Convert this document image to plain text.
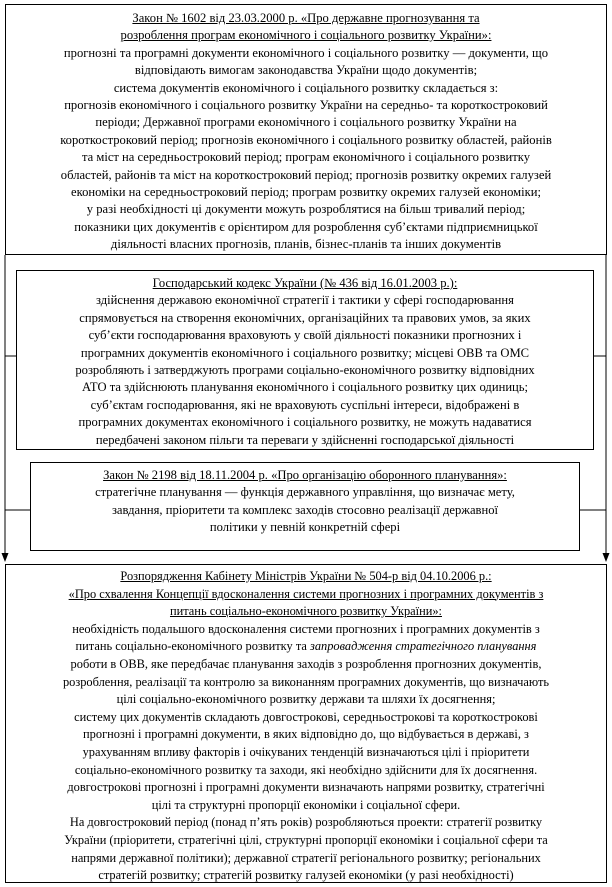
Закон № 1602 від 23.03.2000 р. «Про державне прогнозування та

розроблення програм економічного і соціального розвитку України»:

прогнозні та програмні документи економічного і соціального розвитку — документи, що

відповідають вимогам законодавства України щодо документів;

система документів економічного і соціального розвитку складається з:

прогнозів економічного і соціального розвитку України на середньо- та короткостроковий

періоди; Державної програми економічного і соціального розвитку України на

короткостроковий період; прогнозів економічного і соціального розвитку областей, районів

та міст на середньостроковий період; програм економічного і соціального розвитку

областей, районів та міст на короткостроковий період; прогнозів розвитку окремих галузей

економіки на середньостроковий період; програм розвитку окремих галузей економіки;

у разі необхідності ці документи можуть розроблятися на більш тривалий період;

показники цих документів є орієнтиром для розроблення суб’єктами підприємницької

діяльності власних прогнозів, планів, бізнес-планів та інших документів

Господарський кодекс України (№ 436 від 16.01.2003 р.):

здійснення державою економічної стратегії і тактики у сфері господарювання

спрямовується на створення економічних, організаційних та правових умов, за яких

суб’єкти господарювання враховують у своїй діяльності показники прогнозних і

програмних документів економічного і соціального розвитку; місцеві ОВВ та ОМС

розробляють і затверджують програми соціально-економічного розвитку відповідних

АТО та здійснюють планування економічного і соціального розвитку цих одиниць;

суб’єктам господарювання, які не враховують суспільні інтереси, відображені в

програмних документах економічного і соціального розвитку, не можуть надаватися

передбачені законом пільги та переваги у здійсненні господарської діяльності

Закон № 2198 від 18.11.2004 р. «Про організацію оборонного планування»:

стратегічне планування — функція державного управління, що визначає мету,

завдання, пріоритети та комплекс заходів стосовно реалізації державної

політики у певній конкретній сфері

Розпорядження Кабінету Міністрів України № 504-р від 04.10.2006 р.:

«Про схвалення Концепції вдосконалення системи прогнозних і програмних документів з

питань соціально-економічного розвитку України»:

необхідність подальшого вдосконалення системи прогнозних і програмних документів з

питань соціально-економічного розвитку та запровадження стратегічного планування

роботи в ОВВ, яке передбачає планування заходів з розроблення прогнозних документів,

розроблення, реалізації та контролю за виконанням програмних документів, що визначають

цілі соціально-економічного розвитку держави та шляхи їх досягнення;

систему цих документів складають довгострокові, середньострокові та короткострокові

прогнозні і програмні документи, в яких відповідно до, що відбувається в державі, з

урахуванням впливу факторів і очікуваних тенденцій визначаються цілі і пріоритети

соціально-економічного розвитку та заходи, які необхідно здійснити для їх досягнення.

довгострокові прогнозні і програмні документи визначають напрями розвитку, стратегічні

цілі та структурні пропорції економіки і соціальної сфери.

На довгостроковий період (понад п’ять років) розробляються проекти: стратегії розвитку

України (пріоритети, стратегічні цілі, структурні пропорції економіки і соціальної сфери та

напрями державної політики); державної стратегії регіонального розвитку; регіональних

стратегій розвитку; стратегій розвитку галузей економіки (у разі необхідності)
